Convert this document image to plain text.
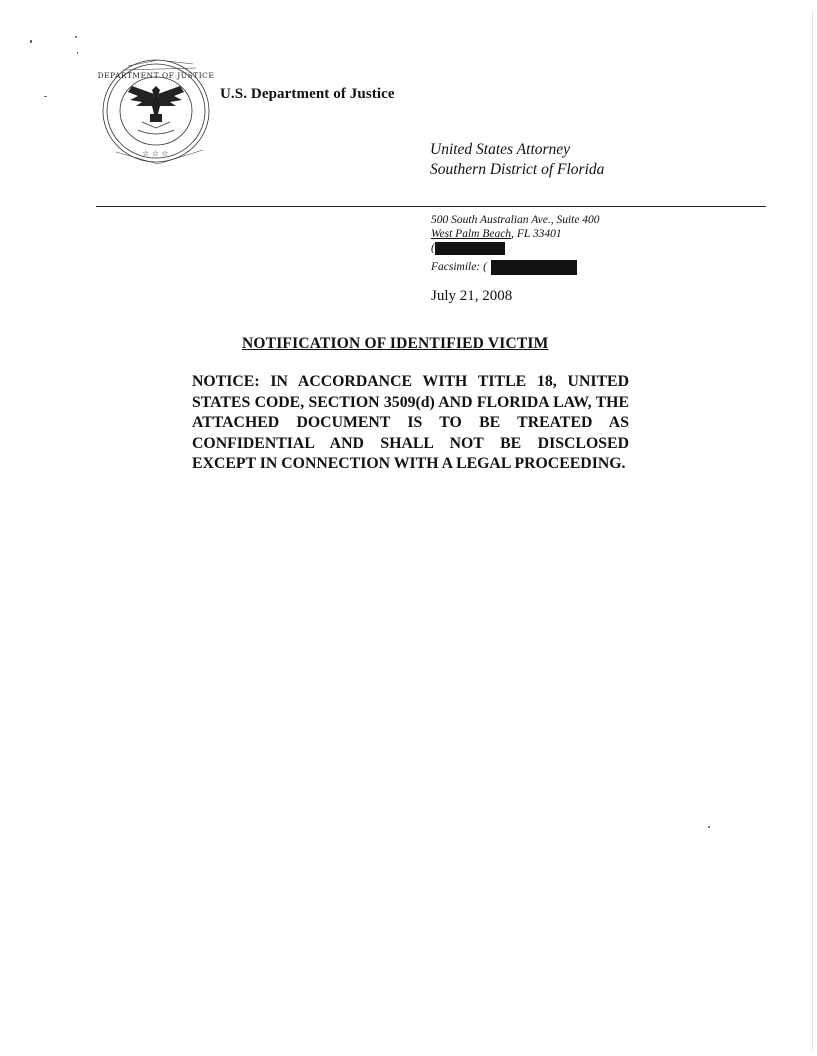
DEPARTMENT OF JUSTICE
☆ ☆ ☆
U.S. Department of Justice
United States Attorney
Southern District of Florida
500 South Australian Ave., Suite 400
West Palm Beach, FL 33401
(
Facsimile: (
July 21, 2008
NOTIFICATION OF IDENTIFIED VICTIM
NOTICE: IN ACCORDANCE WITH TITLE 18, UNITED STATES CODE, SECTION 3509(d) AND FLORIDA LAW, THE ATTACHED DOCUMENT IS TO BE TREATED AS CONFIDENTIAL AND SHALL NOT BE DISCLOSED EXCEPT IN CONNECTION WITH A LEGAL PROCEEDING.
